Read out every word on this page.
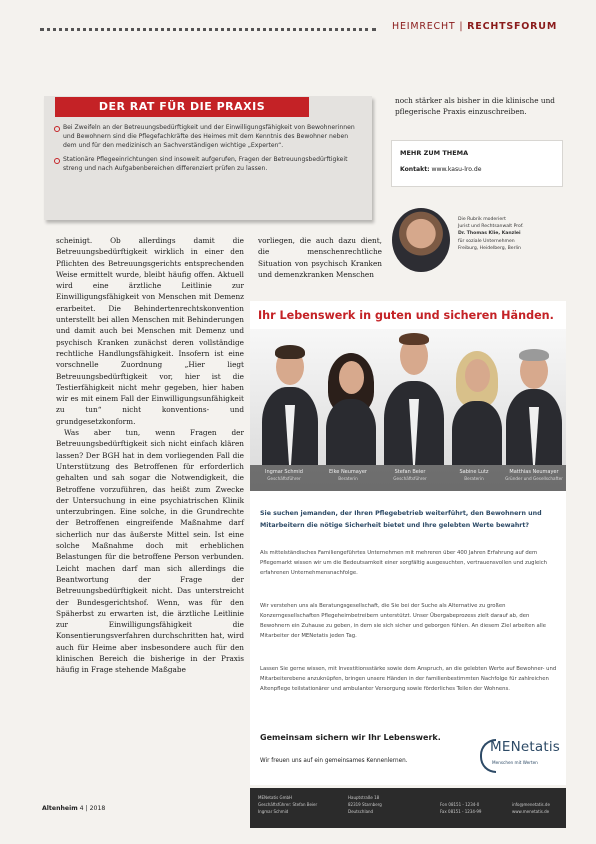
HEIMRECHT | RECHTSFORUM
Bei Zweifeln an der Betreuungsbedürftigkeit und der Einwilligungsfähigkeit von Bewohnerinnen und Bewohnern sind die Pflegefachkräfte des Heimes mit dem Kenntnis des Bewohner neben dem und für den medizinisch an Sachverständigen wichtige „Experten“.
Stationäre Pflegeeinrichtungen sind insoweit aufgerufen, Fragen der Betreuungsbedürftigkeit streng und nach Aufgabenbereichen differenziert prüfen zu lassen.
DER RAT FÜR DIE PRAXIS	noch stärker als bisher in die klinische und pflegerische Praxis einzuschreiben.
MEHR ZUM THEMA
Kontakt: www.kasu-lro.de
Die Rubrik moderiert
Jurist und Rechtsanwalt Prof.
Dr. Thomas Klie, Kanzlei
für soziale Unternehmen
Freiburg, Heidelberg, Berlin

scheinigt. Ob allerdings damit die Betreuungsbedürftigkeit wirklich in einer den Pflichten des Betreuungsgerichts entsprechenden Weise ermittelt wurde, bleibt häufig offen. Aktuell wird eine ärztliche Leitlinie zur Einwilligungsfähigkeit von Menschen mit Demenz erarbeitet. Die Behindertenrechtskonvention unterstellt bei allen Menschen mit Behinderungen und damit auch bei Menschen mit Demenz und psychisch Kranken zunächst deren vollständige rechtliche Handlungsfähigkeit. Insofern ist eine vorschnelle Zuordnung „Hier liegt Betreuungsbedürftigkeit vor, hier ist die Testierfähigkeit nicht mehr gegeben, hier haben wir es mit einem Fall der Einwilligungsunfähigkeit zu tun“ nicht konventions- und grundgesetzkonform.

Was aber tun, wenn Fragen der Betreuungsbedürftigkeit sich nicht einfach klären lassen? Der BGH hat in dem vorliegenden Fall die Unterstützung des Betroffenen für erforderlich gehalten und sah sogar die Notwendigkeit, die Betroffene vorzuführen, das heißt zum Zwecke der Untersuchung in eine psychiatrischen Klinik unterzubringen. Eine solche, in die Grundrechte der Betroffenen eingreifende Maßnahme darf sicherlich nur das äußerste Mittel sein. Ist eine solche Maßnahme doch mit erheblichen Belastungen für die betroffene Person verbunden. Leicht machen darf man sich allerdings die Beantwortung der Frage der Betreuungsbedürftigkeit nicht. Das unterstreicht der Bundesgerichtshof. Wenn, was für den Späherbst zu erwarten ist, die ärztliche Leitlinie zur Einwilligungsfähigkeit die Konsentierungsverfahren durchschritten hat, wird auch für Heime aber insbesondere auch für den klinischen Bereich die bisherige in der Praxis häufig in Frage stehende Maßgabe

vorliegen, die auch dazu dient, die menschenrechtliche Situation von psychisch Kranken und demenzkranken Menschen

Ihr Lebenswerk in guten und sicheren Händen.
Ingmar Schmid
Geschäftsführer
Elke Neumayer
Beraterin
Stefan Beier
Geschäftsführer
Sabine Lutz
Beraterin
Matthias Neumayer
Gründer und Gesellschafter
Sie suchen jemanden, der Ihren Pflegebetrieb weiterführt, den Bewohnern und Mitarbeitern die nötige Sicherheit bietet und Ihre gelebten Werte bewahrt?
Als mittelständisches Familiengeführtes Unternehmen mit mehreren über 400 Jahren Erfahrung auf dem Pflegemarkt wissen wir um die Bedeutsamkeit einer sorgfältig ausgesuchten, vertrauensvollen und zugleich erfahrenen Unternehmensnachfolge.
Wir verstehen uns als Beratungsgesellschaft, die Sie bei der Suche als Alternative zu großen Konzerngesellschaften Pflegeheimbetreibern unterstützt. Unser Übergabeprozess zielt darauf ab, den Bewohnern ein Zuhause zu geben, in dem sie sich sicher und geborgen fühlen. An diesem Ziel arbeiten alle Mitarbeiter der MENetatis jeden Tag.
Lassen Sie gerne wissen, mit Investitionsstärke sowie dem Anspruch, an die gelebten Werte auf Bewohner- und Mitarbeiterebene anzuknüpfen, bringen unsere Händen in der familienbestimmten Nachfolge für zahlreichen Altenpflege teilstationärer und ambulanter Versorgung sowie förderliches Teilen der Wohnens.
Gemeinsam sichern wir Ihr Lebenswerk.
Wir freuen uns auf ein gemeinsames Kennenlernen.
MENetatis
Menschen mit Werten
MENetatis GmbH
Geschäftsführer: Stefan Beier
Ingmar Schmid
Hauptstraße 18
82319 Starnberg
Deutschland
Fon 08151 - 1234-0
Fax 08151 - 1234-99
info@menetatis.de
www.menetatis.de
Altenheim 4 | 2018
